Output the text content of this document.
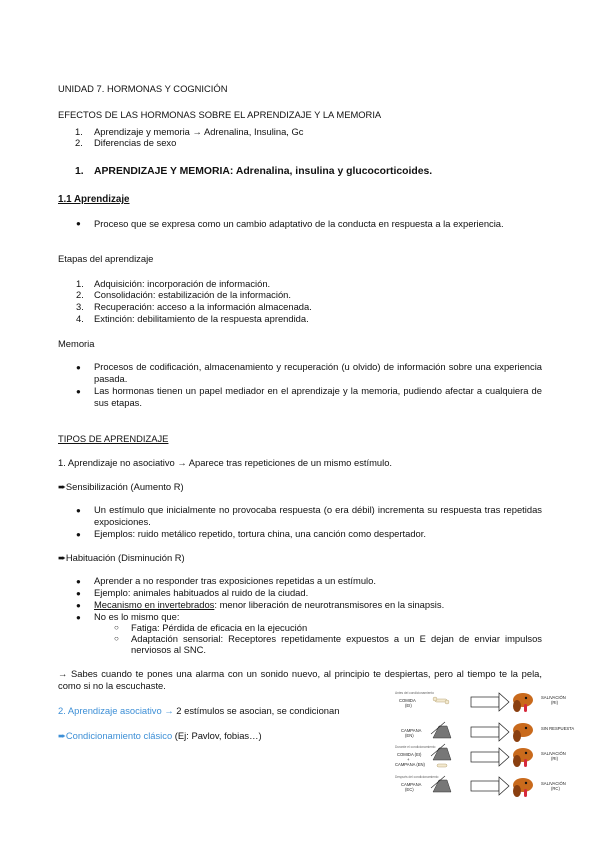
UNIDAD 7. HORMONAS Y COGNICIÓN
EFECTOS DE LAS HORMONAS SOBRE EL APRENDIZAJE Y LA MEMORIA
1. Aprendizaje y memoria → Adrenalina, Insulina, Gc
2. Diferencias de sexo
1. APRENDIZAJE Y MEMORIA: Adrenalina, insulina y glucocorticoides.
1.1 Aprendizaje
● Proceso que se expresa como un cambio adaptativo de la conducta en respuesta a la experiencia.
Etapas del aprendizaje
1. Adquisición: incorporación de información.
2. Consolidación: estabilización de la información.
3. Recuperación: acceso a la información almacenada.
4. Extinción: debilitamiento de la respuesta aprendida.
Memoria
● Procesos de codificación, almacenamiento y recuperación (u olvido) de información sobre una experiencia pasada.
● Las hormonas tienen un papel mediador en el aprendizaje y la memoria, pudiendo afectar a cualquiera de sus etapas.
TIPOS DE APRENDIZAJE
1. Aprendizaje no asociativo → Aparece tras repeticiones de un mismo estímulo.
➨Sensibilización (Aumento R)
● Un estímulo que inicialmente no provocaba respuesta (o era débil) incrementa su respuesta tras repetidas exposiciones.
● Ejemplos: ruido metálico repetido, tortura china, una canción como despertador.
➨Habituación (Disminución R)
● Aprender a no responder tras exposiciones repetidas a un estímulo.
● Ejemplo: animales habituados al ruido de la ciudad.
● Mecanismo en invertebrados: menor liberación de neurotransmisores en la sinapsis.
● No es lo mismo que:
○ Fatiga: Pérdida de eficacia en la ejecución
○ Adaptación sensorial: Receptores repetidamente expuestos a un E dejan de enviar impulsos nerviosos al SNC.
→ Sabes cuando te pones una alarma con un sonido nuevo, al principio te despiertas, pero al tiempo te la pela, como si no la escuchaste.
2. Aprendizaje asociativo → 2 estímulos se asocian, se condicionan
➨Condicionamiento clásico (Ej: Pavlov, fobias…)
Antes del condicionamiento
COMIDA
(EI)
SALIVACIÓN
(RI)
CAMPANA
(EN)
SIN RESPUESTA
Durante el condicionamiento
COMIDA (EI)
+
CAMPANA (EN)
SALIVACIÓN
(RI)
Después del condicionamiento
CAMPANA
(EC)
SALIVACIÓN
(RC)
